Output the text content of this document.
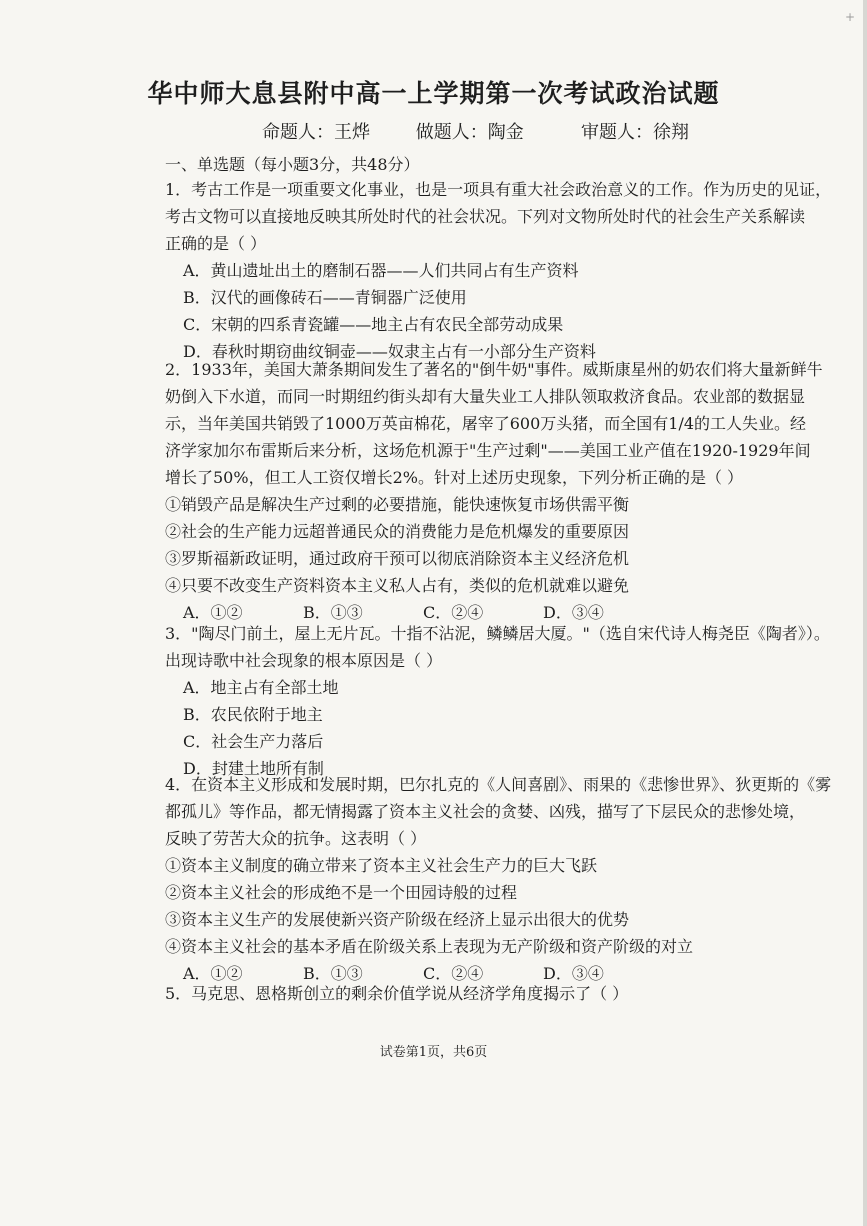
+
华中师大息县附中高一上学期第一次考试政治试题
命题人：王烨        做题人：陶金          审题人：徐翔
一、单选题（每小题3分，共48分）
1．考古工作是一项重要文化事业，也是一项具有重大社会政治意义的工作。作为历史的见证，
考古文物可以直接地反映其所处时代的社会状况。下列对文物所处时代的社会生产关系解读
正确的是（ ）
A．黄山遗址出土的磨制石器——人们共同占有生产资料
B．汉代的画像砖石——青铜器广泛使用
C．宋朝的四系青瓷罐——地主占有农民全部劳动成果
D．春秋时期窃曲纹铜壶——奴隶主占有一小部分生产资料
2．1933年，美国大萧条期间发生了著名的"倒牛奶"事件。威斯康星州的奶农们将大量新鲜牛
奶倒入下水道，而同一时期纽约街头却有大量失业工人排队领取救济食品。农业部的数据显
示，当年美国共销毁了1000万英亩棉花，屠宰了600万头猪，而全国有1/4的工人失业。经
济学家加尔布雷斯后来分析，这场危机源于"生产过剩"——美国工业产值在1920-1929年间
增长了50%，但工人工资仅增长2%。针对上述历史现象，下列分析正确的是（ ）
①销毁产品是解决生产过剩的必要措施，能快速恢复市场供需平衡
②社会的生产能力远超普通民众的消费能力是危机爆发的重要原因
③罗斯福新政证明，通过政府干预可以彻底消除资本主义经济危机
④只要不改变生产资料资本主义私人占有，类似的危机就难以避免
A．①②	B．①③	C．②④	D．③④
3．"陶尽门前土，屋上无片瓦。十指不沾泥，鳞鳞居大厦。"（选自宋代诗人梅尧臣《陶者》）。
出现诗歌中社会现象的根本原因是（ ）
A．地主占有全部土地
B．农民依附于地主
C．社会生产力落后
D．封建土地所有制
4．在资本主义形成和发展时期，巴尔扎克的《人间喜剧》、雨果的《悲惨世界》、狄更斯的《雾
都孤儿》等作品，都无情揭露了资本主义社会的贪婪、凶残，描写了下层民众的悲惨处境，
反映了劳苦大众的抗争。这表明（ ）
①资本主义制度的确立带来了资本主义社会生产力的巨大飞跃
②资本主义社会的形成绝不是一个田园诗般的过程
③资本主义生产的发展使新兴资产阶级在经济上显示出很大的优势
④资本主义社会的基本矛盾在阶级关系上表现为无产阶级和资产阶级的对立
A．①②	B．①③	C．②④	D．③④
5．马克思、恩格斯创立的剩余价值学说从经济学角度揭示了（ ）
试卷第1页，共6页
